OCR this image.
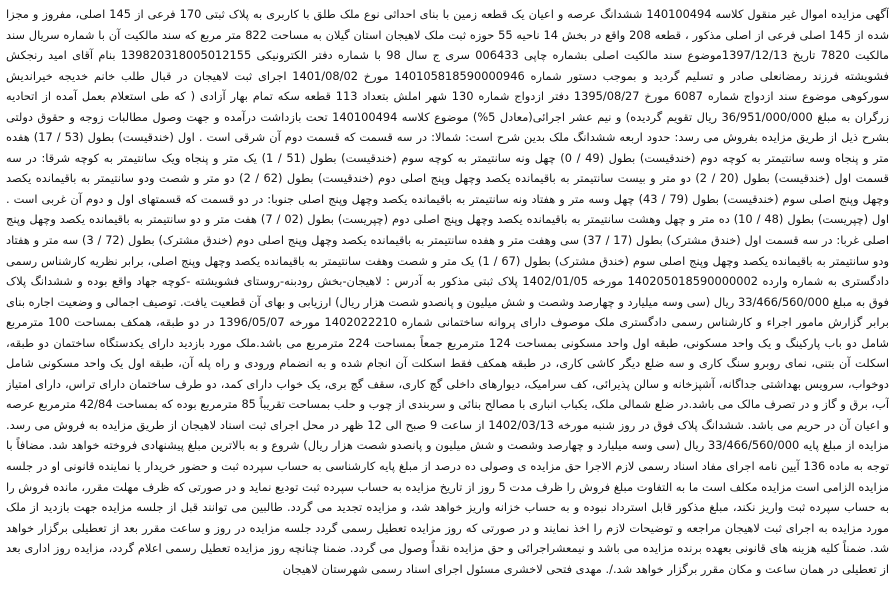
آگهی مزایده اموال غیر منقول کلاسه 140100494 ششدانگ عرصه و اعیان یک قطعه زمین با بنای احداثی نوع ملک طلق با کاربری به پلاک ثبتی 170 فرعی از 145 اصلی، مفروز و مجزا شده از 145 اصلی فرعی از اصلی مذکور ، قطعه 208 واقع در بخش 14 ناحیه 55 حوزه ثبت ملک لاهیجان استان گیلان به مساحت 822 متر مربع که سند مالکیت آن با شماره سریال سند مالکیت 7820 تاریخ 1397/12/13موضوع سند مالکیت اصلی بشماره چاپی 006433 سری ج سال 98 با شماره دفتر الکترونیکی 139820318005012155 بنام آقای امید رنجکش فشویشته فرزند رمضانعلی صادر و تسلیم گردید و بموجب دستور شماره 140105818590000946 مورخ 1401/08/02 اجرای ثبت لاهیجان در قبال طلب خانم خدیجه خیراندیش سورکوهی موضوع سند ازدواج شماره 6087 مورخ 1395/08/27 دفتر ازدواج شماره 130 شهر املش بتعداد 113 قطعه سکه تمام بهار آزادی ( که طی استعلام بعمل آمده از اتحادیه زرگران به مبلغ 36/951/000/000 ریال تقویم گردیده) و نیم عشر اجرائی(معادل 5%) موضوع کلاسه 140100494 تحت بازداشت درآمده و جهت وصول مطالبات زوجه و حقوق دولتی بشرح ذیل از طریق مزایده بفروش می رسد: حدود اربعه ششدانگ ملک بدین شرح است: شمالا: در سه قسمت که قسمت دوم آن شرقی است . اول (خندقیست) بطول (53 / 17) هفده متر و پنجاه وسه سانتیمتر به کوچه دوم (خندقیست) بطول (49 / 0) چهل ونه سانتیمتر به کوچه سوم (خندقیست) بطول (51 / 1) یک متر و پنجاه ویک سانتیمتر به کوچه شرقا: در سه قسمت اول (خندقیست) بطول (20 / 2) دو متر و بیست سانتیمتر به باقیمانده یکصد وچهل وپنج اصلی دوم (خندقیست) بطول (62 / 2) دو متر و شصت ودو سانتیمتر به باقیمانده یکصد وچهل وپنج اصلی سوم (خندقیست) بطول (79 / 43) چهل وسه متر و هفتاد ونه سانتیمتر به باقیمانده یکصد وچهل وپنج اصلی جنوبا: در دو قسمت که قسمتهای اول و دوم آن غربی است . اول (چپریست) بطول (48 / 10) ده متر و چهل وهشت سانتیمتر به باقیمانده یکصد وچهل وپنج اصلی دوم (چپریست) بطول (02 / 7) هفت متر و دو سانتیمتر به باقیمانده یکصد وچهل وپنج اصلی غربا: در سه قسمت اول (خندق مشترک) بطول (17 / 37) سی وهفت متر و هفده سانتیمتر به باقیمانده یکصد وچهل وپنج اصلی دوم (خندق مشترک) بطول (72 / 3) سه متر و هفتاد ودو سانتیمتر به باقیمانده یکصد وچهل وپنج اصلی سوم (خندق مشترک) بطول (67 / 1) یک متر و شصت وهفت سانتیمتر به باقیمانده یکصد وچهل وپنج اصلی، برابر نظریه کارشناس رسمی دادگستری به شماره وارده 140205018590000002 مورخه 1402/01/05 پلاک ثبتی مذکور به آدرس : لاهیجان-بخش رودبنه-روستای فشویشته -کوچه جهاد واقع بوده و ششدانگ پلاک فوق به مبلغ 33/466/560/000 ریال (سی وسه میلیارد و چهارصد وشصت و شش میلیون و پانصدو شصت هزار ریال) ارزیابی و بهای آن قطعیت یافت. توصیف اجمالی و وضعیت اجاره بنای برابر گزارش مامور اجراء و کارشناس رسمی دادگستری ملک موصوف دارای پروانه ساختمانی شماره 1402022210 مورخه 1396/05/07 در دو طبقه، همکف بمساحت 100 مترمربع شامل دو باب پارکینگ و یک واحد مسکونی، طبقه اول واحد مسکونی بمساحت 124 مترمربع جمعاً بمساحت 224 مترمربع می باشد.ملک مورد بازدید دارای یکدستگاه ساختمان دو طبقه، اسکلت آن بتنی، نمای روبرو سنگ کاری و سه ضلع دیگر کاشی کاری، در طبقه همکف فقط اسکلت آن انجام شده و به انضمام ورودی و راه پله آن، طبقه اول یک واحد مسکونی شامل دوخواب، سرویس بهداشتی جداگانه، آشپزخانه و سالن پذیرائی، کف سرامیک، دیوارهای داخلی گچ کاری، سقف گچ بری، یک خواب دارای کمد، دو طرف ساختمان دارای تراس، دارای امتیاز آب، برق و گاز و در تصرف مالک می باشد.در ضلع شمالی ملک، یکباب انباری با مصالح بنائی و سربندی از چوب و حلب بمساحت تقریباً 85 مترمربع بوده که بمساحت 42/84 مترمربع عرصه و اعیان آن در حریم می باشد. ششدانگ پلاک فوق در روز شنبه مورخه 1402/03/13 از ساعت 9 صبح الی 12 ظهر در محل اجرای ثبت اسناد لاهیجان از طریق مزایده به فروش می رسد. مزایده از مبلغ پایه 33/466/560/000 ریال (سی وسه میلیارد و چهارصد وشصت و شش میلیون و پانصدو شصت هزار ریال) شروع و به بالاترین مبلغ پیشنهادی فروخته خواهد شد. مضافاً با توجه به ماده 136 آیین نامه اجرای مفاد اسناد رسمی لازم الاجرا حق مزایده ی وصولی ده درصد از مبلغ پایه کارشناسی به حساب سپرده ثبت و حضور خریدار یا نماینده قانونی او در جلسه مزایده الزامی است مزایده مکلف است ما به التفاوت مبلغ فروش را ظرف مدت 5 روز از تاریخ مزایده به حساب سپرده ثبت تودیع نماید و در صورتی که ظرف مهلت مقرر، مانده فروش را به حساب سپرده ثبت واریز نکند، مبلغ مذکور قابل استرداد نبوده و به حساب خزانه واریز خواهد شد، و مزایده تجدید می گردد. طالبین می توانند قبل از جلسه مزایده جهت بازدید از ملک مورد مزایده به اجرای ثبت لاهیجان مراجعه و توضیحات لازم را اخذ نمایند و در صورتی که روز مزایده تعطیل رسمی گردد جلسه مزایده در روز و ساعت مقرر بعد از تعطیلی برگزار خواهد شد. ضمناً کلیه هزینه های قانونی بعهده برنده مزایده می باشد و نیمعشراجرائی و حق مزایده نقداً وصول می گردد. ضمنا چنانچه روز مزایده تعطیل رسمی اعلام گردد، مزایده روز اداری بعد از تعطیلی در همان ساعت و مکان مقرر برگزار خواهد شد./. مهدی فتحی لاخشری مسئول اجرای اسناد رسمی شهرستان لاهیجان
